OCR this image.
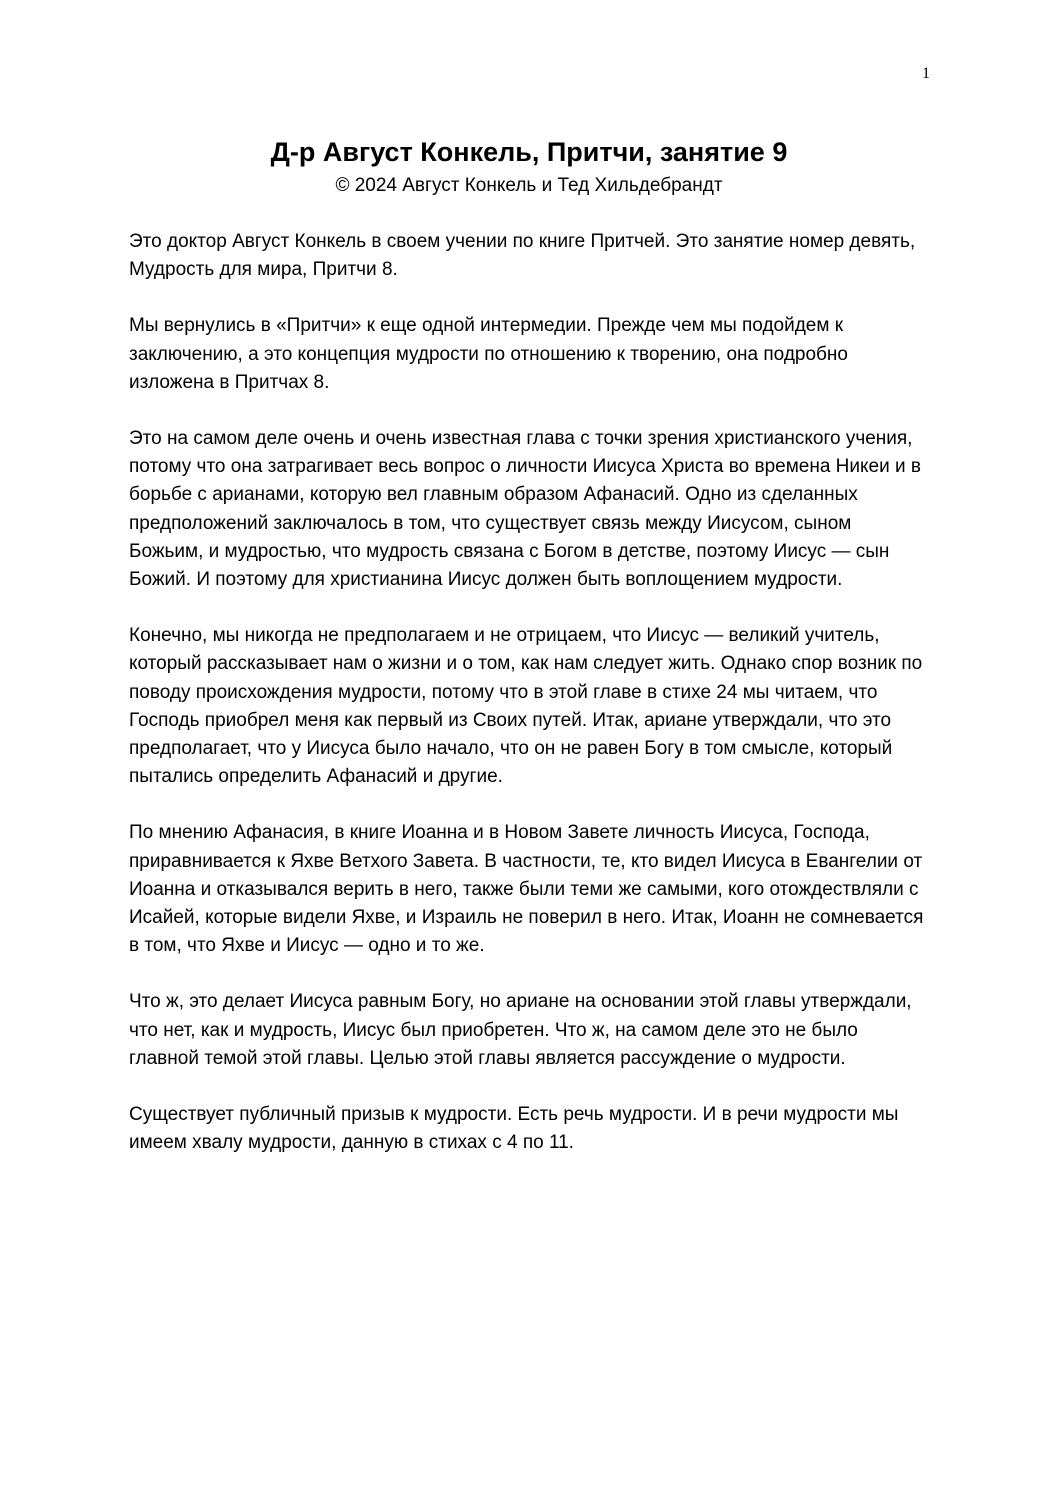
1
Д-р Август Конкель, Притчи, занятие 9
© 2024 Август Конкель и Тед Хильдебрандт

Это доктор Август Конкель в своем учении по книге Притчей. Это занятие номер девять, Мудрость для мира, Притчи 8.

Мы вернулись в «Притчи» к еще одной интермедии. Прежде чем мы подойдем к заключению, а это концепция мудрости по отношению к творению, она подробно изложена в Притчах 8.

Это на самом деле очень и очень известная глава с точки зрения христианского учения, потому что она затрагивает весь вопрос о личности Иисуса Христа во времена Никеи и в борьбе с арианами, которую вел главным образом Афанасий. Одно из сделанных предположений заключалось в том, что существует связь между Иисусом, сыном Божьим, и мудростью, что мудрость связана с Богом в детстве, поэтому Иисус — сын Божий. И поэтому для христианина Иисус должен быть воплощением мудрости.

Конечно, мы никогда не предполагаем и не отрицаем, что Иисус — великий учитель, который рассказывает нам о жизни и о том, как нам следует жить. Однако спор возник по поводу происхождения мудрости, потому что в этой главе в стихе 24 мы читаем, что Господь приобрел меня как первый из Своих путей. Итак, ариане утверждали, что это предполагает, что у Иисуса было начало, что он не равен Богу в том смысле, который пытались определить Афанасий и другие.

По мнению Афанасия, в книге Иоанна и в Новом Завете личность Иисуса, Господа, приравнивается к Яхве Ветхого Завета. В частности, те, кто видел Иисуса в Евангелии от Иоанна и отказывался верить в него, также были теми же самыми, кого отождествляли с Исайей, которые видели Яхве, и Израиль не поверил в него. Итак, Иоанн не сомневается в том, что Яхве и Иисус — одно и то же.

Что ж, это делает Иисуса равным Богу, но ариане на основании этой главы утверждали, что нет, как и мудрость, Иисус был приобретен. Что ж, на самом деле это не было главной темой этой главы. Целью этой главы является рассуждение о мудрости.

Существует публичный призыв к мудрости. Есть речь мудрости. И в речи мудрости мы имеем хвалу мудрости, данную в стихах с 4 по 11.
